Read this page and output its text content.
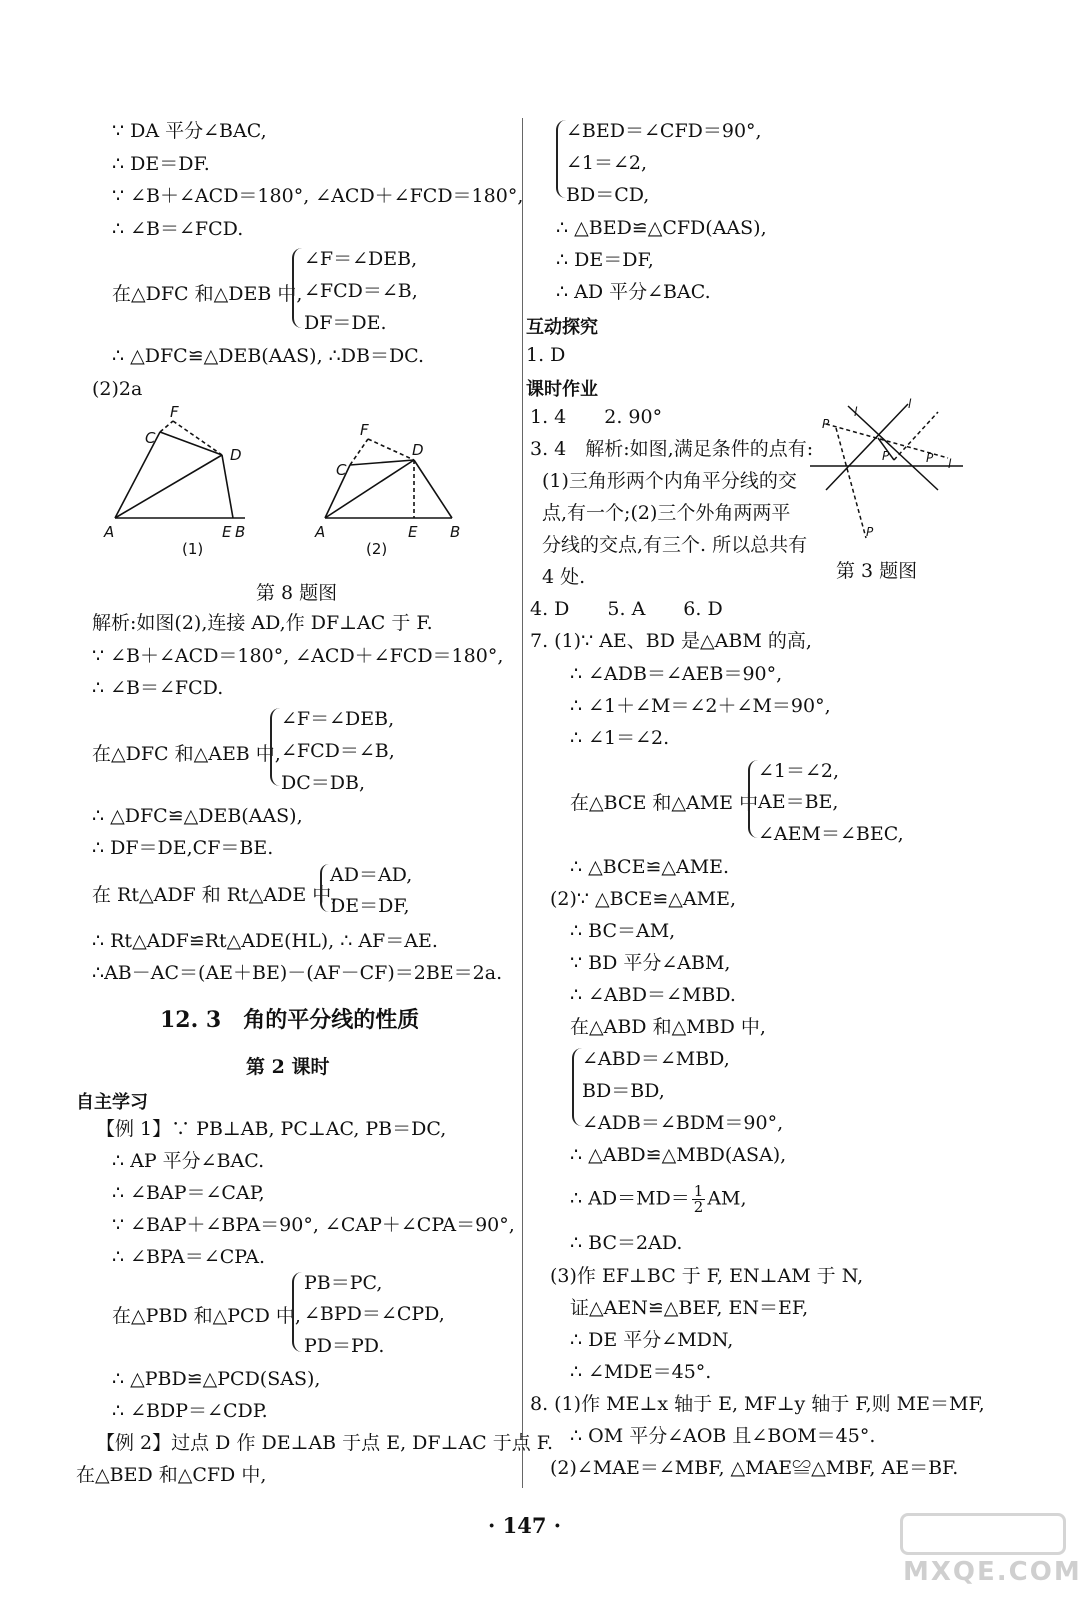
∵ DA 平分∠BAC,
∴ DE＝DF.
∵ ∠B＋∠ACD＝180°, ∠ACD＋∠FCD＝180°,
∴ ∠B＝∠FCD.
在△DFC 和△DEB 中,
∠F＝∠DEB,
∠FCD＝∠B,
DF＝DE.
∴ △DFC≌△DEB(AAS), ∴DB＝DC.
(2)2a
F
C
D
A	E B
(1)
F
C
D
A	E B
(2)
第 8 题图
解析:如图(2),连接 AD,作 DF⊥AC 于 F.
∵ ∠B＋∠ACD＝180°, ∠ACD＋∠FCD＝180°,
∴ ∠B＝∠FCD.
在△DFC 和△AEB 中,
∠F＝∠DEB,
∠FCD＝∠B,
DC＝DB,
∴ △DFC≌△DEB(AAS),
∴ DF＝DE,CF＝BE.
在 Rt△ADF 和 Rt△ADE 中,
AD＝AD,
DE＝DF,
∴ Rt△ADF≌Rt△ADE(HL), ∴ AF＝AE.
∴AB－AC＝(AE＋BE)－(AF－CF)＝2BE＝2a.
12. 3　角的平分线的性质
第 2 课时
自主学习
【例 1】∵ PB⊥AB, PC⊥AC, PB＝DC,
∴ AP 平分∠BAC.
∴ ∠BAP＝∠CAP,
∵ ∠BAP＋∠BPA＝90°, ∠CAP＋∠CPA＝90°,
∴ ∠BPA＝∠CPA.
在△PBD 和△PCD 中,
PB＝PC,
∠BPD＝∠CPD,
PD＝PD.
∴ △PBD≌△PCD(SAS),
∴ ∠BDP＝∠CDP.
【例 2】过点 D 作 DE⊥AB 于点 E, DF⊥AC 于点 F.
在△BED 和△CFD 中,
∠BED＝∠CFD＝90°,
∠1＝∠2,
BD＝CD,
∴ △BED≌△CFD(AAS),
∴ DE＝DF,
∴ AD 平分∠BAC.
互动探究
1. D
课时作业
1. 4　　2. 90°
3. 4　解析:如图,满足条件的点有:
(1)三角形两个内角平分线的交
点,有一个;(2)三个外角两两平
分线的交点,有三个. 所以总共有
4 处.
P
l
l
P	P l
P
第 3 题图
4. D　　5. A　　6. D
7. (1)∵ AE、BD 是△ABM 的高,
∴ ∠ADB＝∠AEB＝90°,
∴ ∠1＋∠M＝∠2＋∠M＝90°,
∴ ∠1＝∠2.
在△BCE 和△AME 中
∠1＝∠2,
AE＝BE,
∠AEM＝∠BEC,
∴ △BCE≌△AME.
(2)∵ △BCE≌△AME,
∴ BC＝AM,
∵ BD 平分∠ABM,
∴ ∠ABD＝∠MBD.
在△ABD 和△MBD 中,
∠ABD＝∠MBD,
BD＝BD,
∠ADB＝∠BDM＝90°,
∴ △ABD≌△MBD(ASA),
∴ $AD=MD= \frac{1}{2}$ AM,
∴ BC＝2AD.
(3)作 EF⊥BC 于 F, EN⊥AM 于 N,
证△AEN≌△BEF, EN＝EF,
∴ DE 平分∠MDN,
∴ ∠MDE＝45°.
8. (1)作 ME⊥x 轴于 E, MF⊥y 轴于 F,则 ME＝MF,
∴ OM 平分∠AOB 且∠BOM＝45°.
(2)∠MAE＝∠MBF, △MAE≌△MBF, AE＝BF.
· 147 ·
MXQE.COM
